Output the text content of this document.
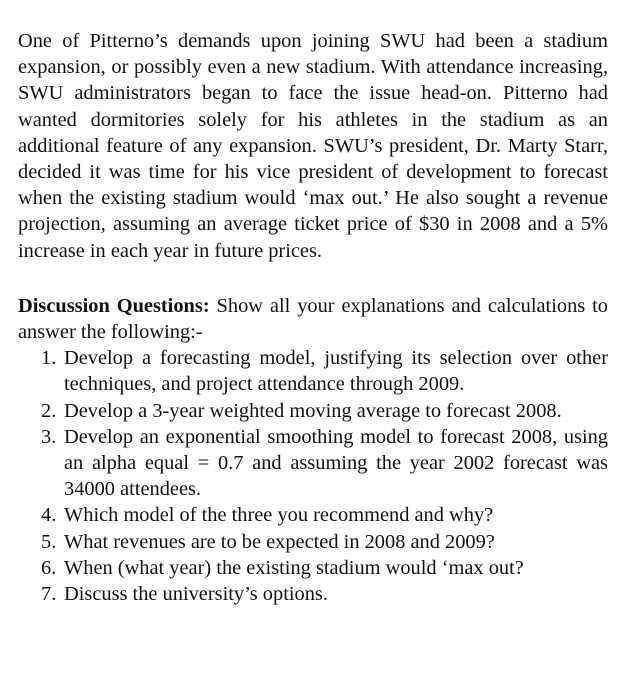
One of Pitterno’s demands upon joining SWU had been a stadium expansion, or possibly even a new stadium. With attendance increasing, SWU administrators began to face the issue head-on. Pitterno had wanted dormitories solely for his athletes in the stadium as an additional feature of any expansion. SWU’s president, Dr. Marty Starr, decided it was time for his vice president of development to forecast when the existing stadium would ‘max out.’ He also sought a revenue projection, assuming an average ticket price of $30 in 2008 and a 5% increase in each year in future prices.

Discussion Questions: Show all your explanations and calculations to answer the following:-

1. Develop a forecasting model, justifying its selection over other techniques, and project attendance through 2009.
2. Develop a 3-year weighted moving average to forecast 2008.
3. Develop an exponential smoothing model to forecast 2008, using an alpha equal = 0.7 and assuming the year 2002 forecast was 34000 attendees.
4. Which model of the three you recommend and why?
5. What revenues are to be expected in 2008 and 2009?
6. When (what year) the existing stadium would ‘max out?
7. Discuss the university’s options.
